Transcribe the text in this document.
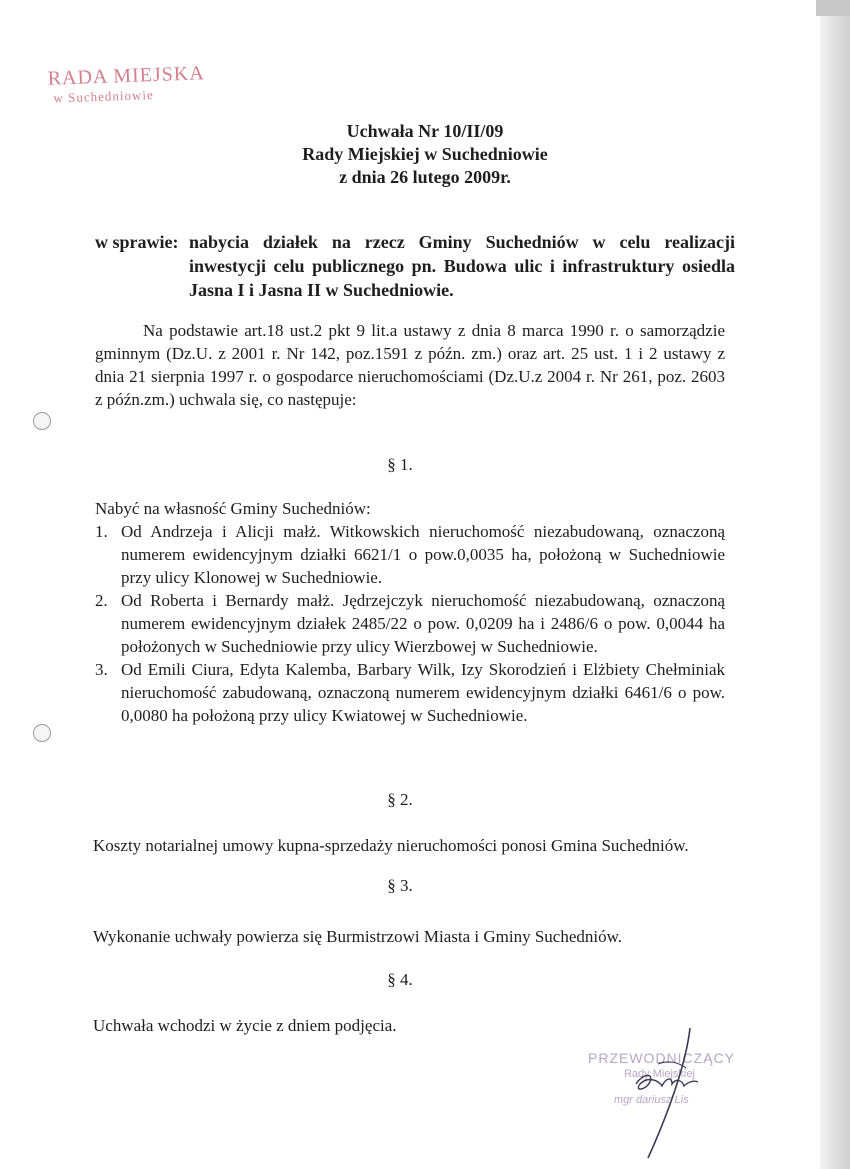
RADA MIEJSKA
w Suchedniowie
Uchwała Nr 10/II/09
Rady Miejskiej w Suchedniowie
z dnia 26 lutego 2009r.
w sprawie: nabycia działek na rzecz Gminy Suchedniów w celu realizacji inwestycji celu publicznego pn. Budowa ulic i infrastruktury osiedla Jasna I i Jasna II w Suchedniowie.
Na podstawie art.18 ust.2 pkt 9 lit.a ustawy z dnia 8 marca 1990 r. o samorządzie gminnym (Dz.U. z 2001 r. Nr 142, poz.1591 z późn. zm.) oraz art. 25 ust. 1 i 2 ustawy z dnia 21 sierpnia 1997 r. o gospodarce nieruchomościami (Dz.U.z 2004 r. Nr 261, poz. 2603 z późn.zm.) uchwala się, co następuje:
§ 1.
Nabyć na własność Gminy Suchedniów:
1. Od Andrzeja i Alicji małż. Witkowskich nieruchomość niezabudowaną, oznaczoną numerem ewidencyjnym działki 6621/1 o pow.0,0035 ha, położoną w Suchedniowie przy ulicy Klonowej w Suchedniowie.
2. Od Roberta i Bernardy małż. Jędrzejczyk nieruchomość niezabudowaną, oznaczoną numerem ewidencyjnym działek 2485/22 o pow. 0,0209 ha i 2486/6 o pow. 0,0044 ha położonych w Suchedniowie przy ulicy Wierzbowej w Suchedniowie.
3. Od Emili Ciura, Edyta Kalemba, Barbary Wilk, Izy Skorodzień i Elżbiety Chełminiak nieruchomość zabudowaną, oznaczoną numerem ewidencyjnym działki 6461/6 o pow. 0,0080 ha położoną przy ulicy Kwiatowej w Suchedniowie.
§ 2.
Koszty notarialnej umowy kupna-sprzedaży nieruchomości ponosi Gmina Suchedniów.
§ 3.
Wykonanie uchwały powierza się Burmistrzowi Miasta i Gminy Suchedniów.
§ 4.
Uchwała wchodzi w życie z dniem podjęcia.
PRZEWODNICZĄCY
Rady Miejskiej
mgr dariusz Lis
